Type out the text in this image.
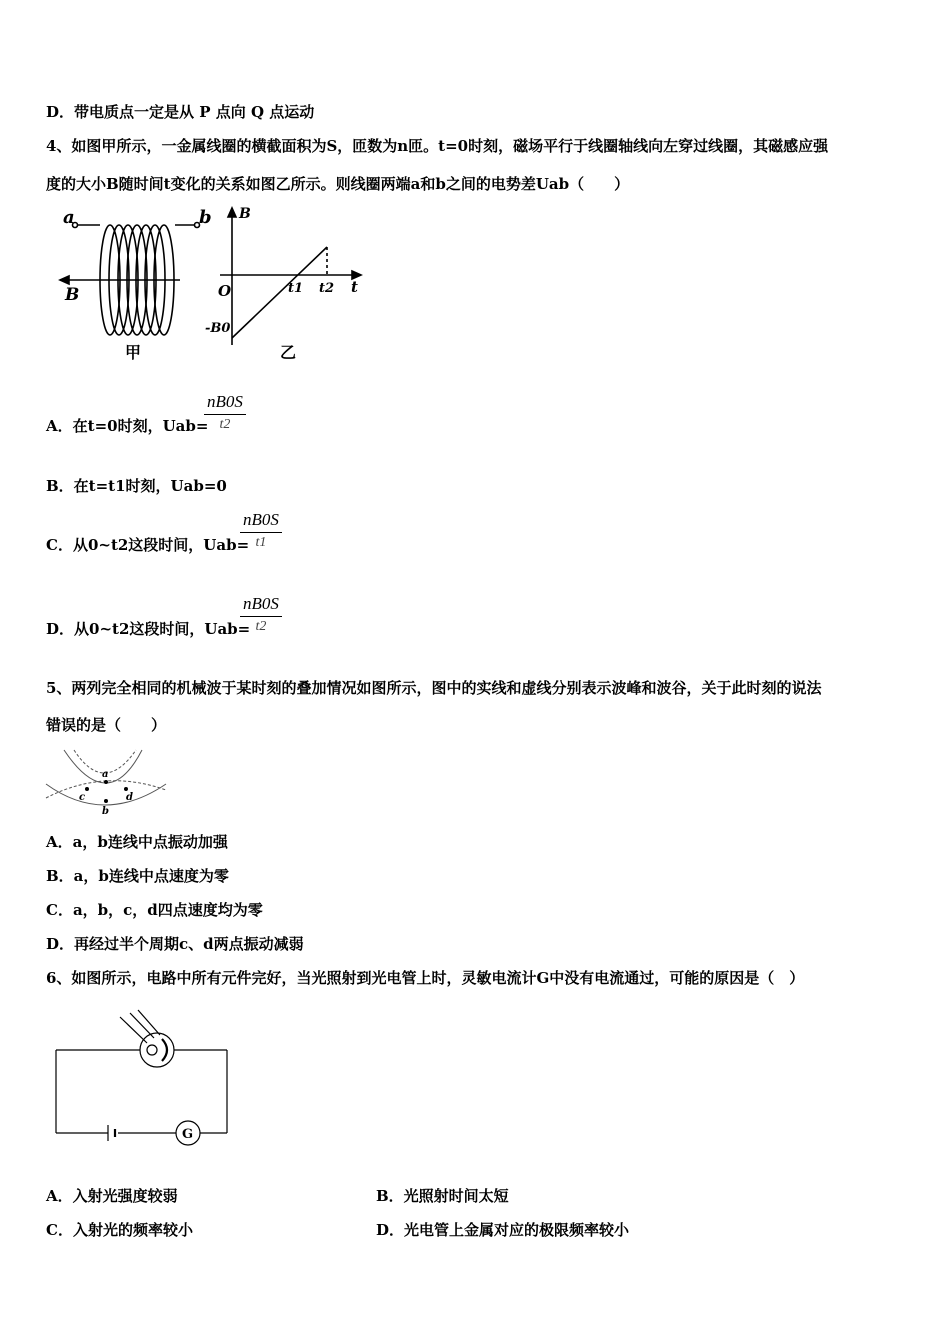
D．带电质点一定是从 P 点向 Q 点运动
4、如图甲所示，一金属线圈的横截面积为S，匝数为n匝。t=0时刻，磁场平行于线圈轴线向左穿过线圈，其磁感应强
度的大小B随时间t变化的关系如图乙所示。则线圈两端a和b之间的电势差Uab（　　）
a	b
B
甲
B
t
O	t1 t2
-B0
乙
A．在t=0时刻，Uab=
nB0S
t2
B．在t=t1时刻，Uab=0
C．从0~t2这段时间，Uab=
nB0S
t1
D．从0~t2这段时间，Uab=
nB0S
t2
5、两列完全相同的机械波于某时刻的叠加情况如图所示，图中的实线和虚线分别表示波峰和波谷，关于此时刻的说法
错误的是（　　）
a
b
c	d
A．a，b连线中点振动加强
B．a，b连线中点速度为零
C．a，b，c，d四点速度均为零
D．再经过半个周期c、d两点振动减弱
6、如图所示，电路中所有元件完好，当光照射到光电管上时，灵敏电流计G中没有电流通过，可能的原因是（　）
G
A．入射光强度较弱	B．光照射时间太短
C．入射光的频率较小	D．光电管上金属对应的极限频率较小
